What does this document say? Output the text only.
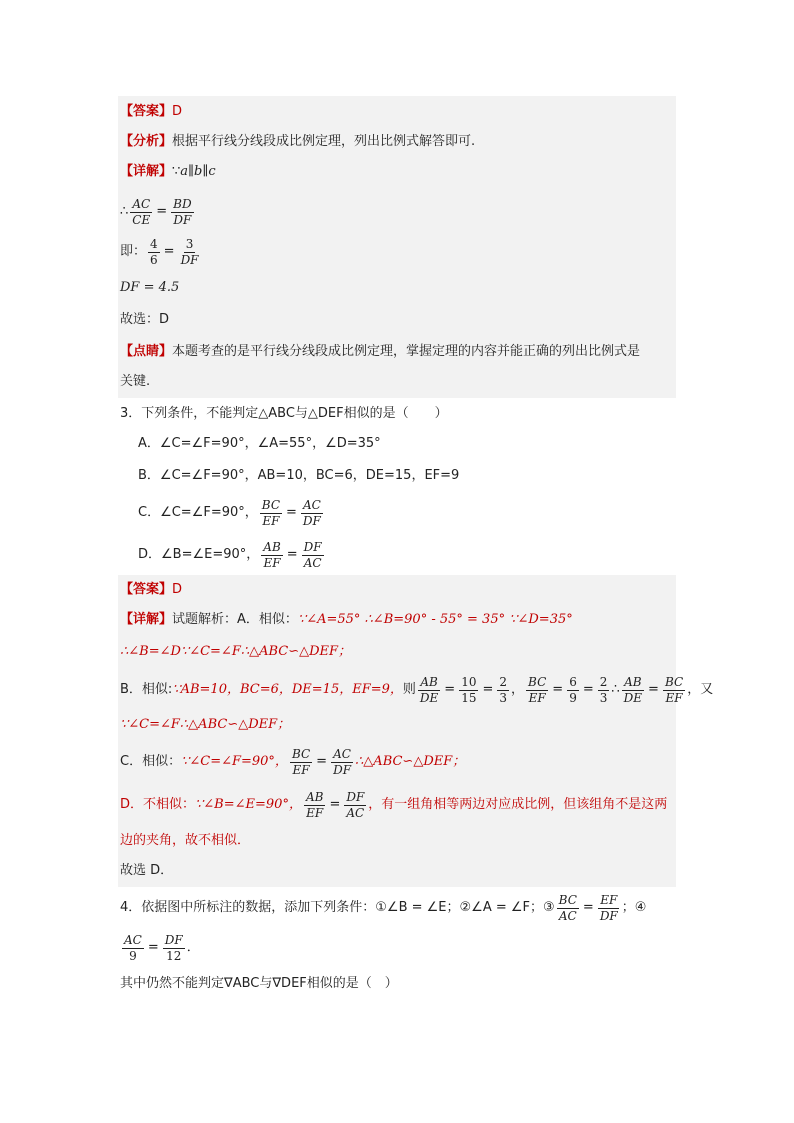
【答案】 D
【分析】 根据平行线分线段成比例定理，列出比例式解答即可.
【详解】 ∵ a∥b∥c
∴ $\frac{AC}{CE} = \frac{BD}{DF}$
即： $\frac{4}{6} = \frac{3}{DF}$
DF = 4.5
故选：D
【点睛】 本题考查的是平行线分线段成比例定理，掌握定理的内容并能正确的列出比例式是
关键.
3．下列条件，不能判定△ABC与△DEF相似的是（　　）
A．∠C=∠F=90°，∠A=55°，∠D=35°
B．∠C=∠F=90°，AB=10，BC=6，DE=15，EF=9
C．∠C=∠F=90°， $\frac{BC}{EF} = \frac{AC}{DF}$
D．∠B=∠E=90°， $\frac{AB}{EF} = \frac{DF}{AC}$
【答案】 D
【详解】 试题解析：A．相似： ∵∠A=55° ∴∠B=90° - 55° = 35° ∵∠D=35°
∴∠B=∠D∵∠C=∠F∴△ABC∽△DEF；
B．相似: ∵AB=10，BC=6，DE=15，EF=9， 则 $\frac{AB}{DE} = \frac{10}{15} = \frac{2}{3}$ ， $\frac{BC}{EF} = \frac{6}{9} = \frac{2}{3}$ ∴ $\frac{AB}{DE} = \frac{BC}{EF}$ ，又
∵∠C=∠F∴△ABC∽△DEF；
C．相似： ∵∠C=∠F=90°， $\frac{BC}{EF} = \frac{AC}{DF}$ ∴△ABC∽△DEF；
D．不相似： ∵∠B=∠E=90°， $\frac{AB}{EF} = \frac{DF}{AC}$ ，有一组角相等两边对应成比例，但该组角不是这两
边的夹角，故不相似．
故选 D．
4．依据图中所标注的数据，添加下列条件：①∠B = ∠E；②∠A = ∠F；③ $\frac{BC}{AC} = \frac{EF}{DF}$ ；④
$\frac{AC}{9} = \frac{DF}{12}$ ．
其中仍然不能判定∇ABC与∇DEF相似的是（　）
